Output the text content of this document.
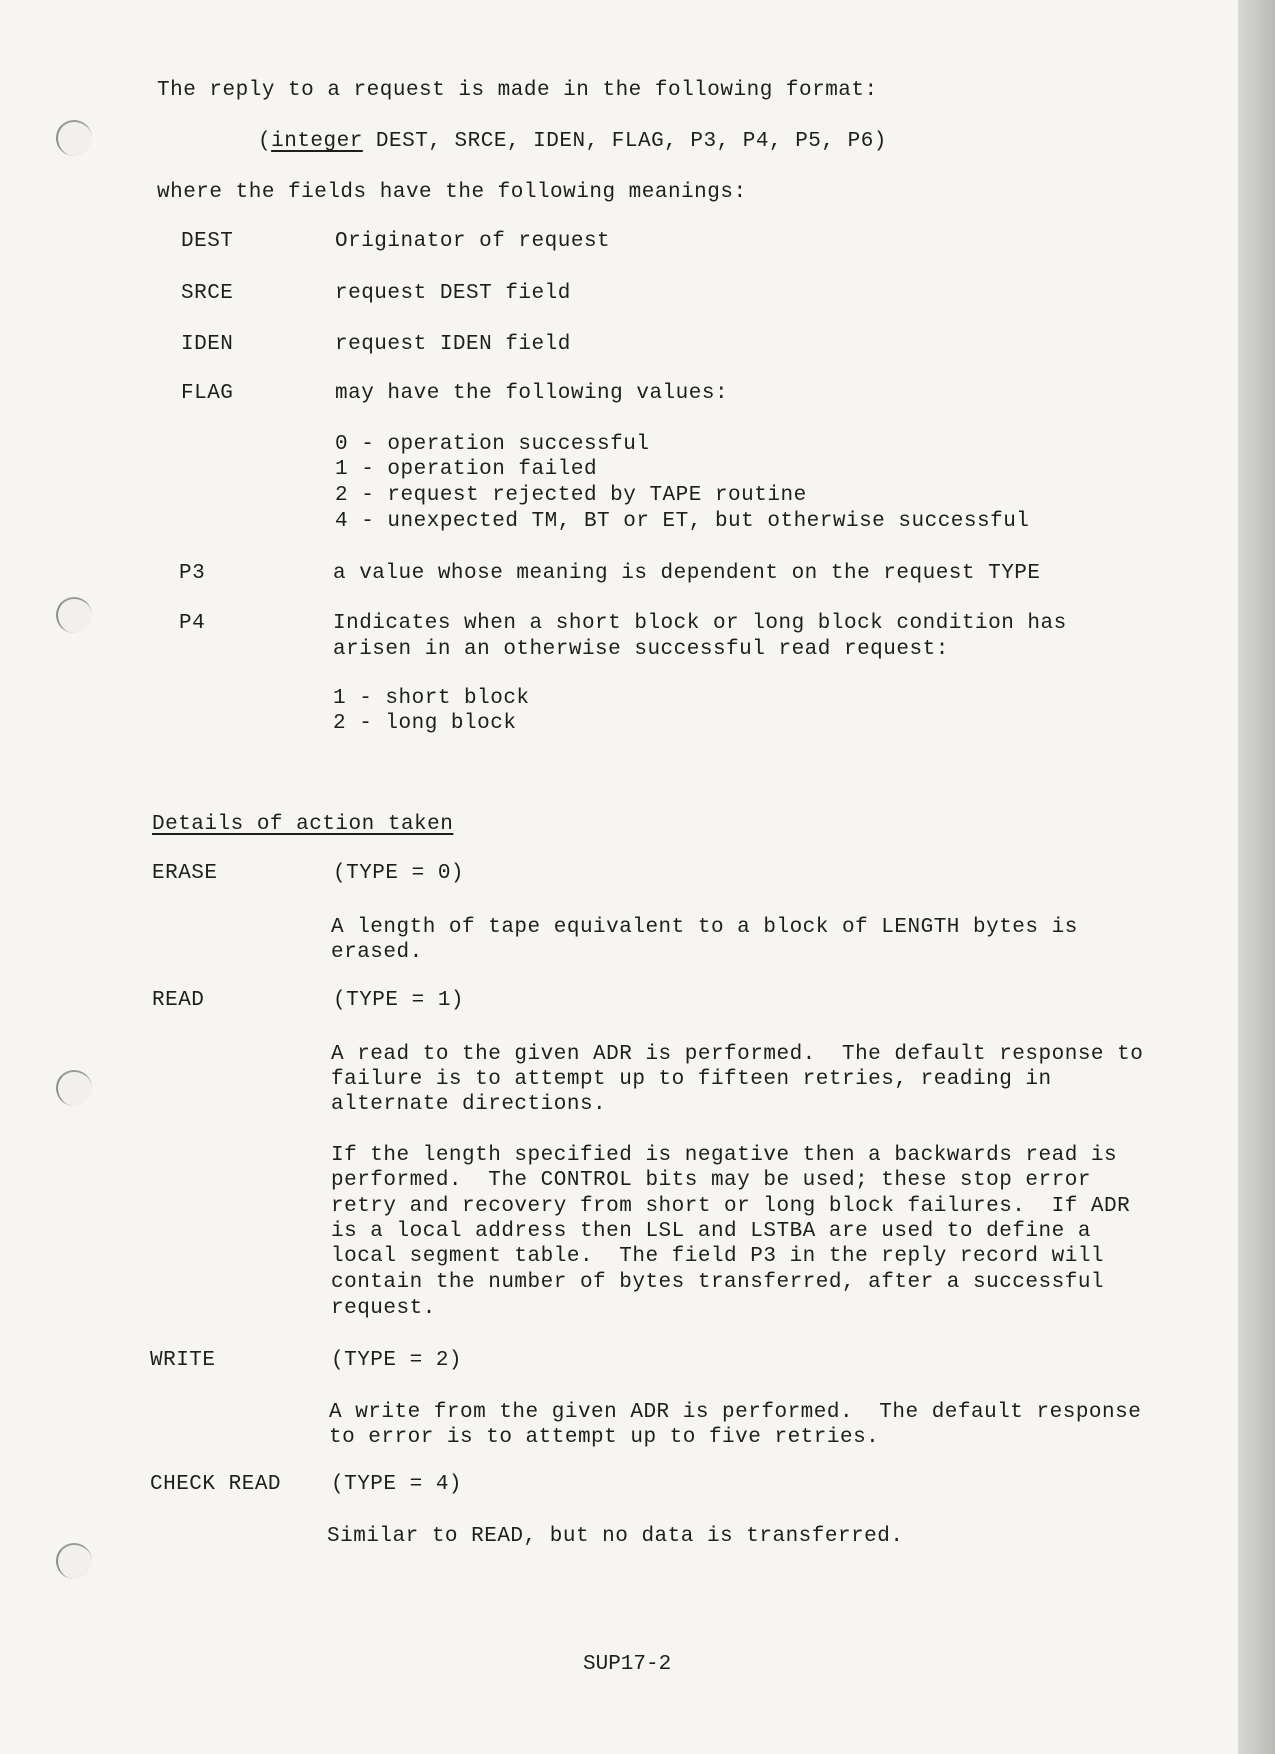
The reply to a request is made in the following format:
(integer DEST, SRCE, IDEN, FLAG, P3, P4, P5, P6)
where the fields have the following meanings:
DEST	Originator of request
SRCE	request DEST field
IDEN	request IDEN field
FLAG	may have the following values:
0 - operation successful
1 - operation failed
2 - request rejected by TAPE routine
4 - unexpected TM, BT or ET, but otherwise successful
P3	a value whose meaning is dependent on the request TYPE
P4	Indicates when a short block or long block condition has
arisen in an otherwise successful read request:
1 - short block
2 - long block
Details of action taken
ERASE	(TYPE = 0)
A length of tape equivalent to a block of LENGTH bytes is
erased.
READ	(TYPE = 1)
A read to the given ADR is performed.  The default response to
failure is to attempt up to fifteen retries, reading in
alternate directions.
If the length specified is negative then a backwards read is
performed.  The CONTROL bits may be used; these stop error
retry and recovery from short or long block failures.  If ADR
is a local address then LSL and LSTBA are used to define a
local segment table.  The field P3 in the reply record will
contain the number of bytes transferred, after a successful
request.
WRITE	(TYPE = 2)
A write from the given ADR is performed.  The default response
to error is to attempt up to five retries.
CHECK READ (TYPE = 4)
Similar to READ, but no data is transferred.
SUP17-2
